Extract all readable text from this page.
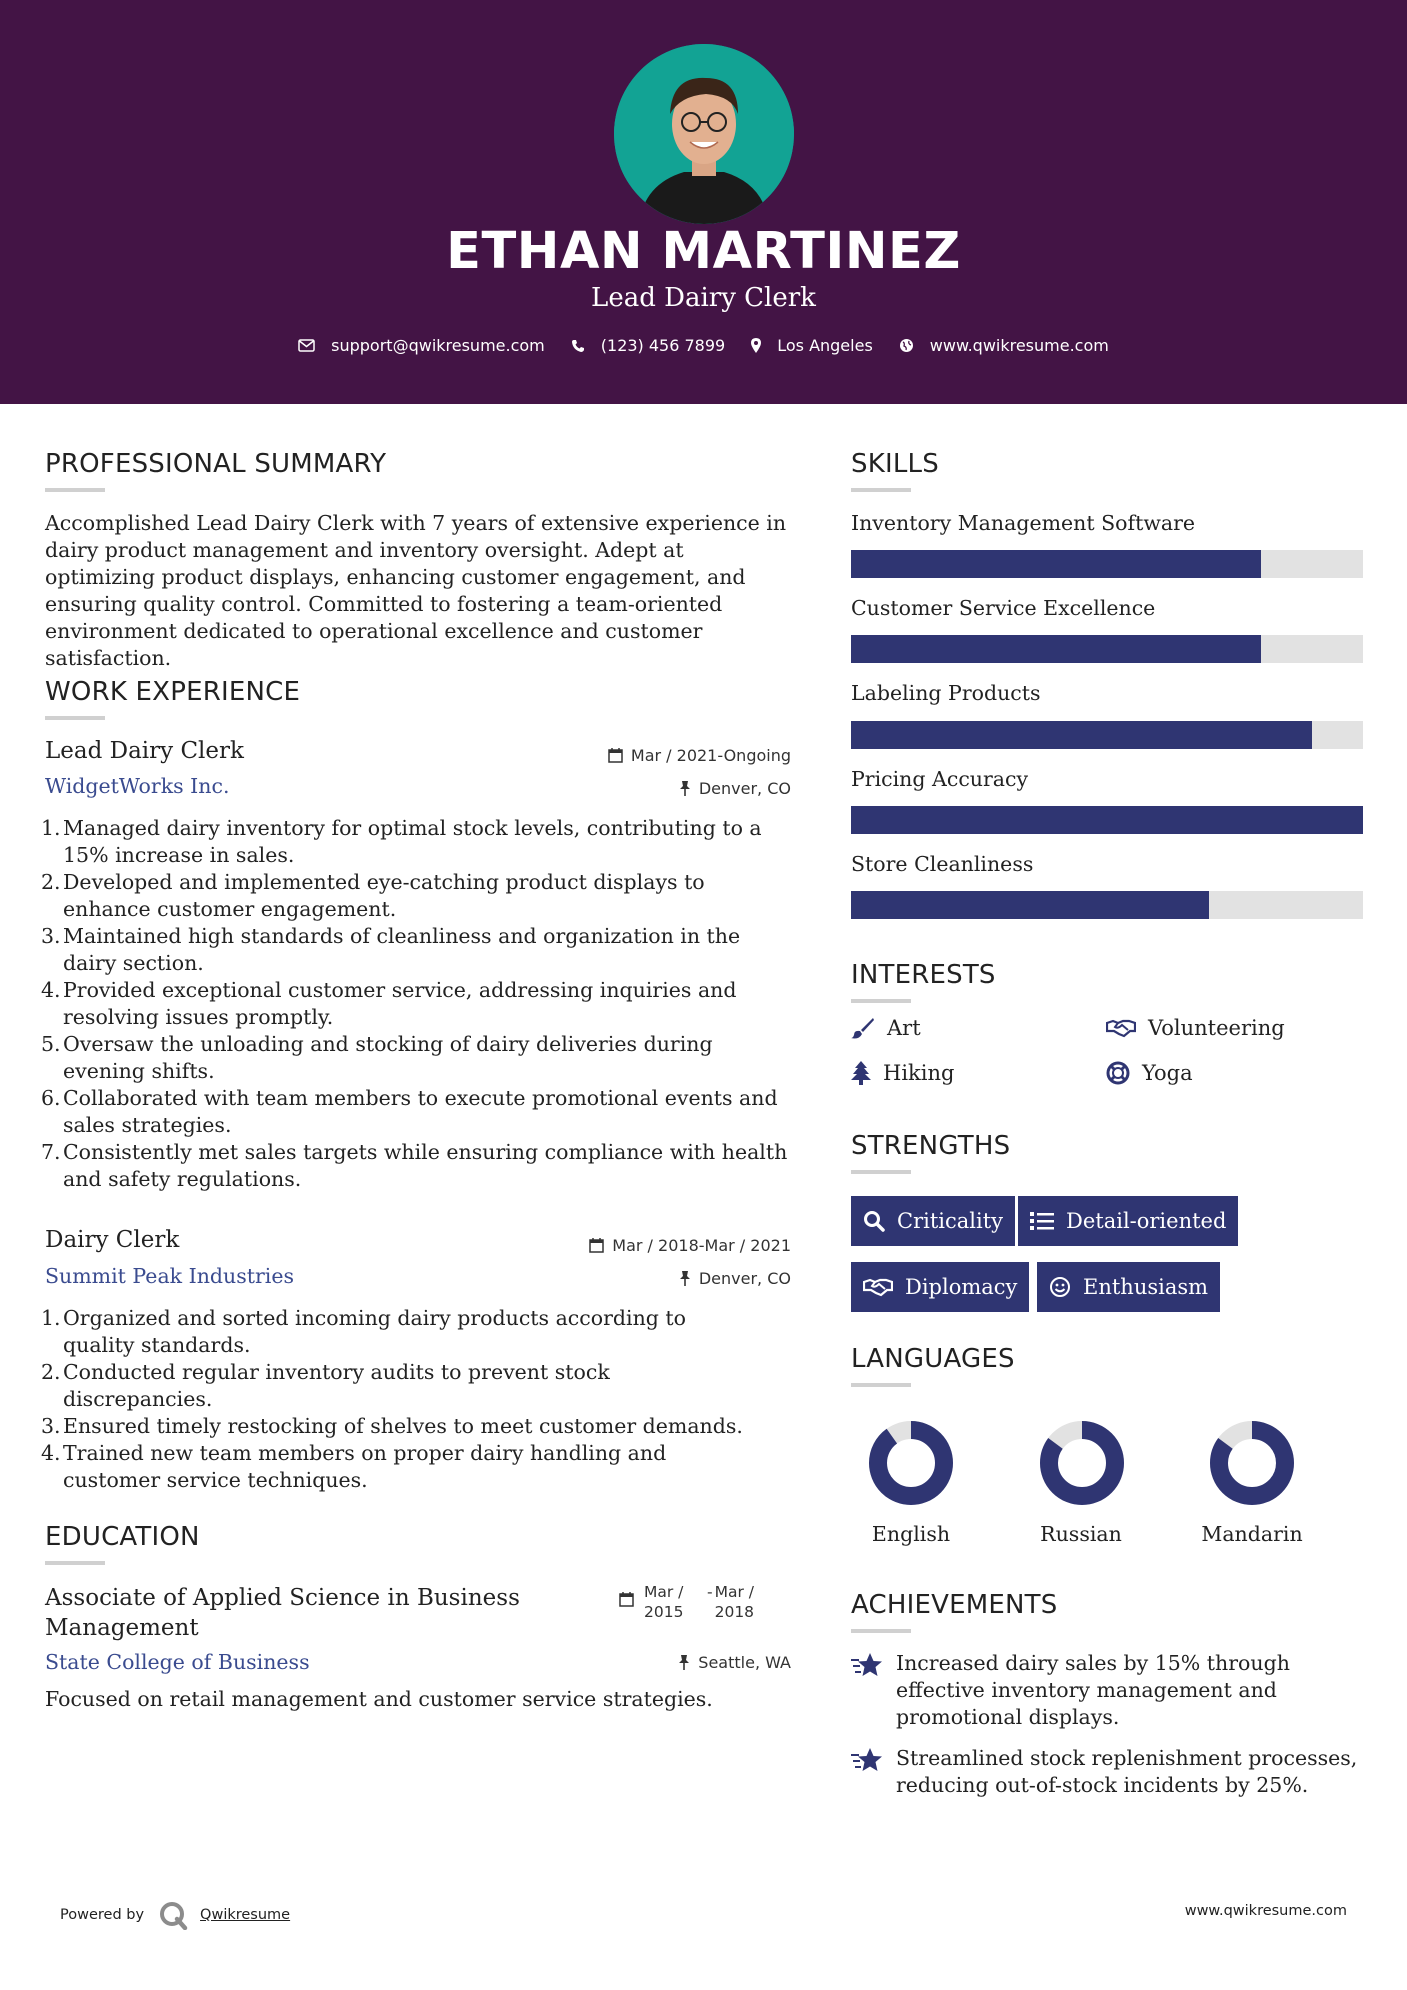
ETHAN MARTINEZ
Lead Dairy Clerk
support@qwikresume.com	(123) 456 7899	Los Angeles	www.qwikresume.com
PROFESSIONAL SUMMARY
Accomplished Lead Dairy Clerk with 7 years of extensive experience in dairy product management and inventory oversight. Adept at optimizing product displays, enhancing customer engagement, and ensuring quality control. Committed to fostering a team-oriented environment dedicated to operational excellence and customer satisfaction.
WORK EXPERIENCE
Lead Dairy Clerk	Mar / 2021-Ongoing
WidgetWorks Inc.	Denver, CO
1. Managed dairy inventory for optimal stock levels, contributing to a 15% increase in sales.
2. Developed and implemented eye-catching product displays to enhance customer engagement.
3. Maintained high standards of cleanliness and organization in the dairy section.
4. Provided exceptional customer service, addressing inquiries and resolving issues promptly.
5. Oversaw the unloading and stocking of dairy deliveries during evening shifts.
6. Collaborated with team members to execute promotional events and sales strategies.
7. Consistently met sales targets while ensuring compliance with health and safety regulations.
Dairy Clerk	Mar / 2018-Mar / 2021
Summit Peak Industries	Denver, CO
1. Organized and sorted incoming dairy products according to quality standards.
2. Conducted regular inventory audits to prevent stock discrepancies.
3. Ensured timely restocking of shelves to meet customer demands.
4. Trained new team members on proper dairy handling and customer service techniques.
EDUCATION
Associate of Applied Science in Business Management
Mar / 2015
- Mar / 2018
State College of Business	Seattle, WA
Focused on retail management and customer service strategies.
SKILLS
Inventory Management Software
Customer Service Excellence
Labeling Products
Pricing Accuracy
Store Cleanliness
INTERESTS
Art	Volunteering
Hiking	Yoga
STRENGTHS
Criticality	Detail-oriented
Diplomacy	Enthusiasm
LANGUAGES
English	Russian	Mandarin
ACHIEVEMENTS
Increased dairy sales by 15% through effective inventory management and promotional displays.
Streamlined stock replenishment processes, reducing out-of-stock incidents by 25%.
Powered by	Qwikresume	www.qwikresume.com
